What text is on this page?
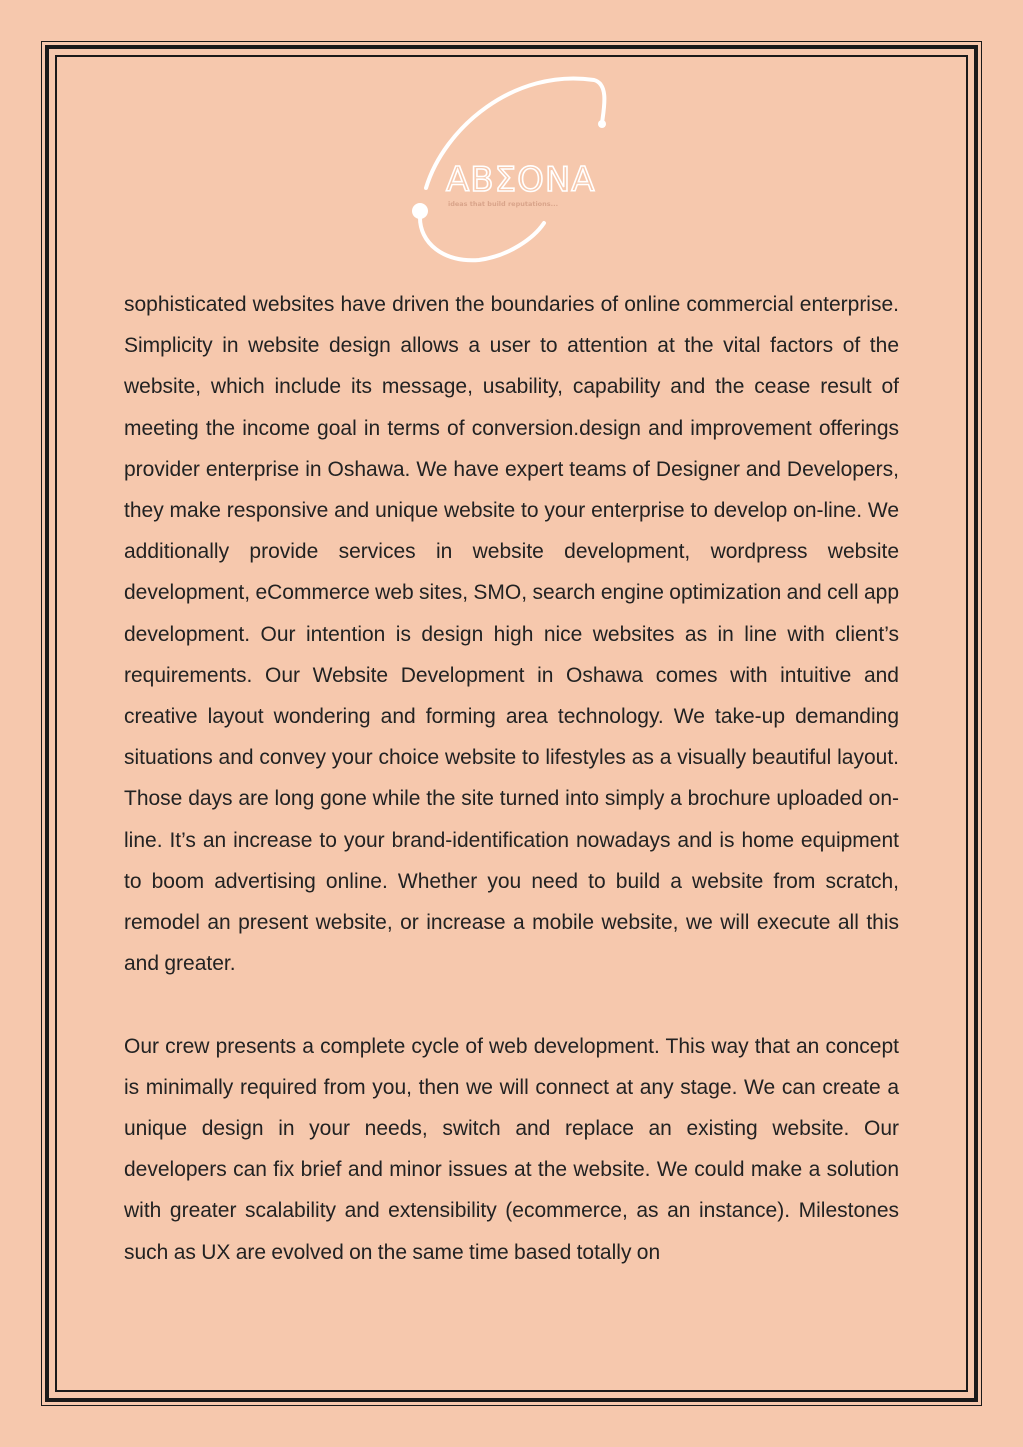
ABΣONA
ideas that build reputations...

sophisticated websites have driven the boundaries of online commercial enterprise. Simplicity in website design allows a user to attention at the vital factors of the website, which include its message, usability, capability and the cease result of meeting the income goal in terms of conversion.design and improvement offerings provider enterprise in Oshawa. We have expert teams of Designer and Developers, they make responsive and unique website to your enterprise to develop on-line. We additionally provide services in website development, wordpress website development, eCommerce web sites, SMO, search engine optimization and cell app development. Our intention is design high nice websites as in line with client’s requirements. Our Website Development in Oshawa comes with intuitive and creative layout wondering and forming area technology. We take-up demanding situations and convey your choice website to lifestyles as a visually beautiful layout. Those days are long gone while the site turned into simply a brochure uploaded on-line. It’s an increase to your brand-identification nowadays and is home equipment to boom advertising online. Whether you need to build a website from scratch, remodel an present website, or increase a mobile website, we will execute all this and greater.

Our crew presents a complete cycle of web development. This way that an concept is minimally required from you, then we will connect at any stage. We can create a unique design in your needs, switch and replace an existing website. Our developers can fix brief and minor issues at the website. We could make a solution with greater scalability and extensibility (ecommerce, as an instance). Milestones such as UX are evolved on the same time based totally on
